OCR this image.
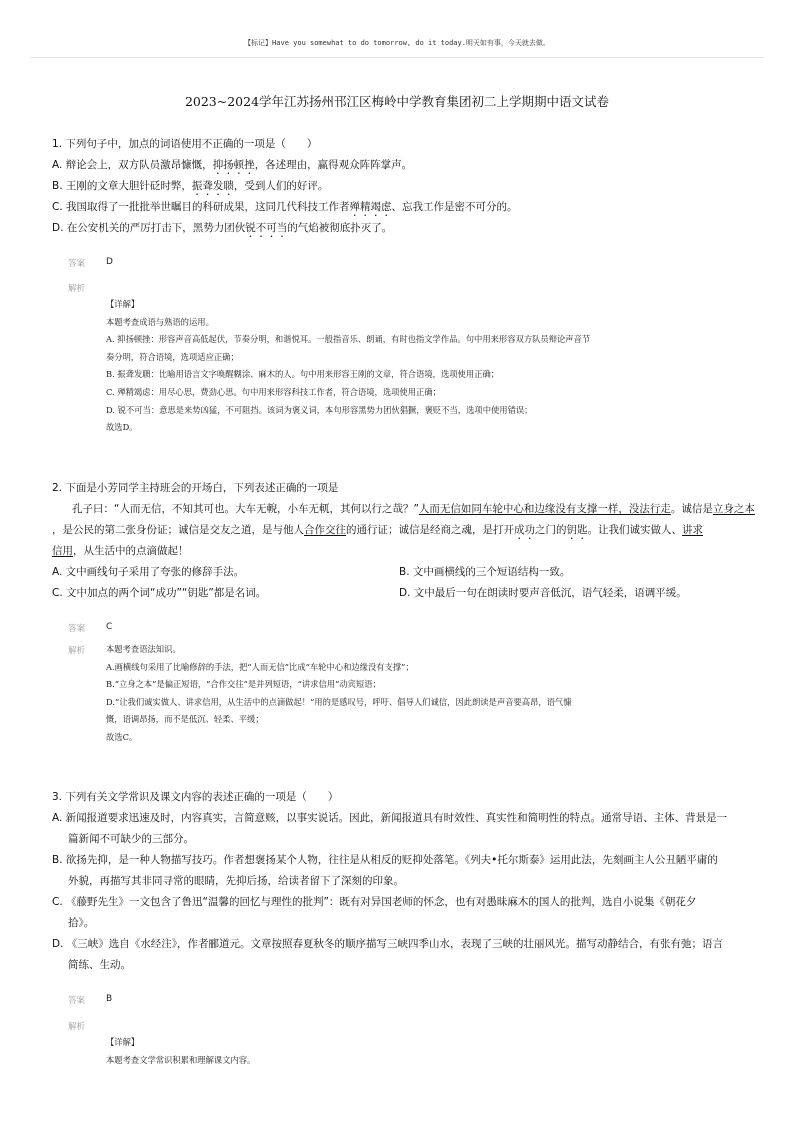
【标记】Have you somewhat to do tomorrow, do it today.明天如有事，今天就去做。
2023~2024学年江苏扬州邗江区梅岭中学教育集团初二上学期期中语文试卷
1. 下列句子中，加点的词语使用不正确的一项是（　　）
A. 辩论会上，双方队员激昂慷慨，抑扬顿挫，各述理由，赢得观众阵阵掌声。
B. 王刚的文章大胆针砭时弊，振聋发聩，受到人们的好评。
C. 我国取得了一批批举世瞩目的科研成果，这同几代科技工作者殚精竭虑、忘我工作是密不可分的。
D. 在公安机关的严厉打击下，黑势力团伙锐不可当的气焰被彻底扑灭了。
答案 D
解析
【详解】
本题考查成语与熟语的运用。
A. 抑扬顿挫：形容声音高低起伏，节奏分明，和谐悦耳。一般指音乐、朗诵，有时也指文学作品。句中用来形容双方队员辩论声音节
奏分明，符合语境，选项适应正确；
B. 振聋发聩：比喻用语言文字唤醒糊涂、麻木的人。句中用来形容王刚的文章，符合语境，选项使用正确；
C. 殚精竭虑：用尽心思，费劲心思。句中用来形容科技工作者，符合语境，选项使用正确；
D. 锐不可当：意思是来势凶猛，不可阻挡。该词为褒义词，本句形容黑势力团伙猖獗，褒贬不当，选项中使用错误；
故选D。
2. 下面是小芳同学主持班会的开场白，下列表述正确的一项是
孔子曰：“人而无信，不知其可也。大车无輗，小车无軏，其何以行之哉？”人而无信如同车轮中心和边缘没有支撑一样，没法行走。诚信是立身之本
，是公民的第二张身份证；诚信是交友之道，是与他人合作交往的通行证；诚信是经商之魂，是打开成功之门的钥匙。让我们诚实做人、讲求
信用，从生活中的点滴做起！
A. 文中画线句子采用了夸张的修辞手法。	B. 文中画横线的三个短语结构一致。
C. 文中加点的两个词“成功”“钥匙”都是名词。	D. 文中最后一句在朗读时要声音低沉，语气轻柔，语调平缓。
答案 C
解析	本题考查语法知识。
A.画横线句采用了比喻修辞的手法，把“人而无信”比成“车轮中心和边缘没有支撑”；
B.“立身之本”是偏正短语，“合作交往”是并列短语，“讲求信用”动宾短语；
D.“让我们诚实做人、讲求信用，从生活中的点滴做起！”用的是感叹号，呼吁、倡导人们诚信，因此朗读是声音要高昂，语气慷
慨，语调昂扬，而不是低沉、轻柔、平缓；
故选C。
3. 下列有关文学常识及课文内容的表述正确的一项是（　　）
A. 新闻报道要求迅速及时，内容真实，言简意赅，以事实说话。因此，新闻报道具有时效性、真实性和简明性的特点。通常导语、主体、背景是一
篇新闻不可缺少的三部分。
B. 欲扬先抑，是一种人物描写技巧。作者想褒扬某个人物，往往是从相反的贬抑处落笔。《列夫•托尔斯泰》运用此法，先刻画主人公丑陋平庸的
外貌，再描写其非同寻常的眼睛，先抑后扬，给读者留下了深刻的印象。
C. 《藤野先生》一文包含了鲁迅“温馨的回忆与理性的批判”：既有对异国老师的怀念，也有对愚昧麻木的国人的批判，选自小说集《朝花夕
拾》。
D. 《三峡》选自《水经注》，作者郦道元。文章按照春夏秋冬的顺序描写三峡四季山水，表现了三峡的壮丽风光。描写动静结合，有张有弛；语言
简练、生动。
答案 B
解析
【详解】
本题考查文学常识积累和理解课文内容。
